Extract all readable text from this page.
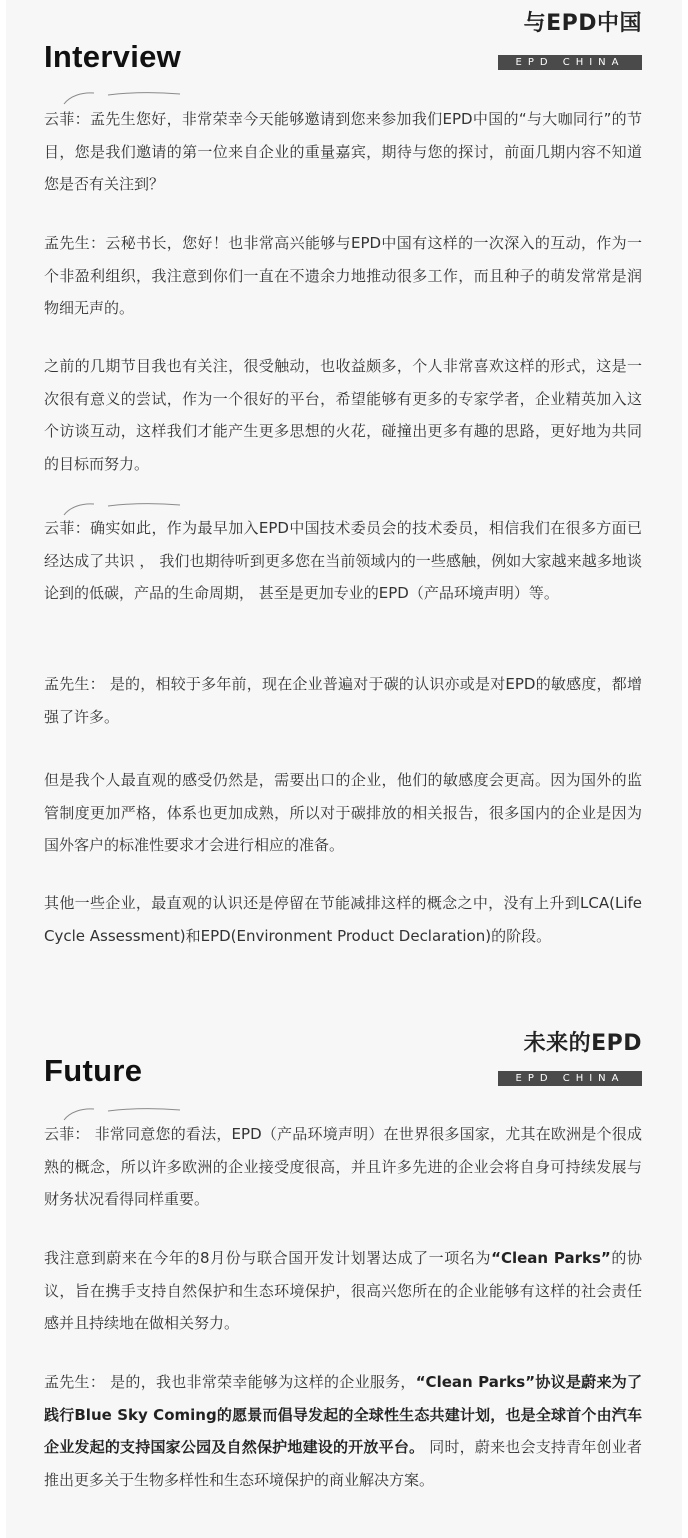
与EPD中国
EPD CHINA
Interview

云菲：孟先生您好，非常荣幸今天能够邀请到您来参加我们EPD中国的“与大咖同行”的节目，您是我们邀请的第一位来自企业的重量嘉宾，期待与您的探讨，前面几期内容不知道您是否有关注到？

孟先生：云秘书长，您好！也非常高兴能够与EPD中国有这样的一次深入的互动，作为一个非盈利组织，我注意到你们一直在不遗余力地推动很多工作，而且种子的萌发常常是润物细无声的。

之前的几期节目我也有关注，很受触动，也收益颇多，个人非常喜欢这样的形式，这是一次很有意义的尝试，作为一个很好的平台，希望能够有更多的专家学者，企业精英加入这个访谈互动，这样我们才能产生更多思想的火花，碰撞出更多有趣的思路，更好地为共同的目标而努力。

云菲：确实如此，作为最早加入EPD中国技术委员会的技术委员，相信我们在很多方面已经达成了共识 ， 我们也期待听到更多您在当前领域内的一些感触，例如大家越来越多地谈论到的低碳，产品的生命周期， 甚至是更加专业的EPD（产品环境声明）等。

孟先生： 是的，相较于多年前，现在企业普遍对于碳的认识亦或是对EPD的敏感度，都增强了许多。

但是我个人最直观的感受仍然是，需要出口的企业，他们的敏感度会更高。因为国外的监管制度更加严格，体系也更加成熟，所以对于碳排放的相关报告，很多国内的企业是因为国外客户的标准性要求才会进行相应的准备。

其他一些企业，最直观的认识还是停留在节能减排这样的概念之中，没有上升到LCA(Life Cycle Assessment)和EPD(Environment Product Declaration)的阶段。

未来的EPD
EPD CHINA
Future

云菲： 非常同意您的看法，EPD（产品环境声明）在世界很多国家，尤其在欧洲是个很成熟的概念，所以许多欧洲的企业接受度很高，并且许多先进的企业会将自身可持续发展与财务状况看得同样重要。

我注意到蔚来在今年的8月份与联合国开发计划署达成了一项名为“Clean Parks”的协议，旨在携手支持自然保护和生态环境保护，很高兴您所在的企业能够有这样的社会责任感并且持续地在做相关努力。

孟先生： 是的，我也非常荣幸能够为这样的企业服务，“Clean Parks”协议是蔚来为了践行Blue Sky Coming的愿景而倡导发起的全球性生态共建计划，也是全球首个由汽车企业发起的支持国家公园及自然保护地建设的开放平台。 同时，蔚来也会支持青年创业者推出更多关于生物多样性和生态环境保护的商业解决方案。
